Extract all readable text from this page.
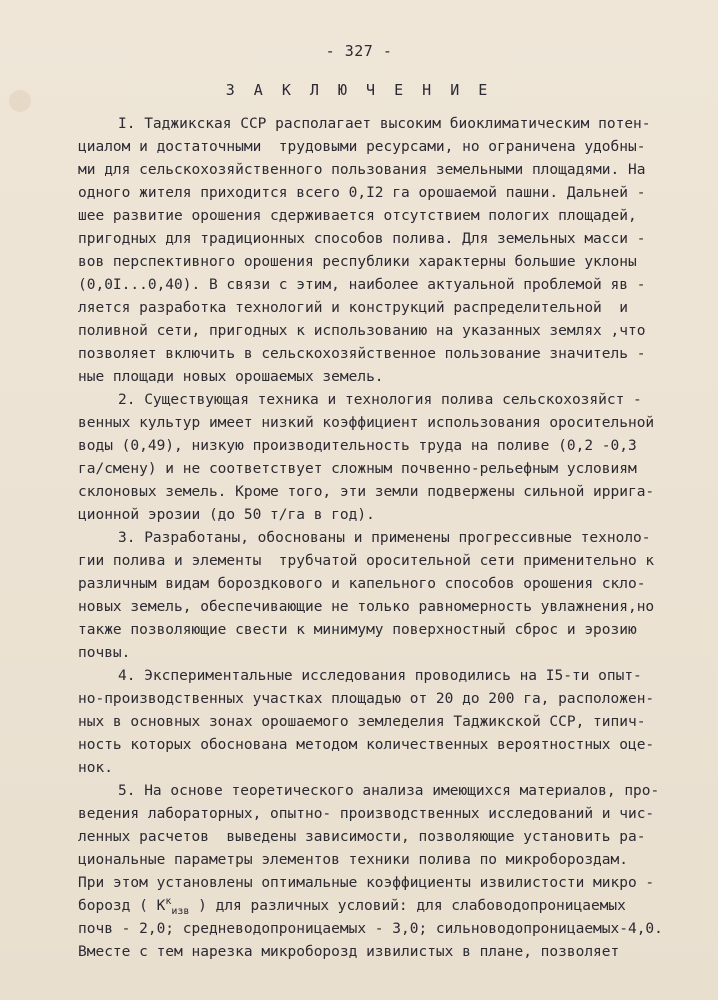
- 327 -
З А К Л Ю Ч Е Н И Е
I. Таджикская ССР располагает высоким биоклиматическим потен-
циалом и достаточными  трудовыми ресурсами, но ограничена удобны-
ми для сельскохозяйственного пользования земельными площадями. На
одного жителя приходится всего 0,I2 га орошаемой пашни. Дальней -
шее развитие орошения сдерживается отсутствием пологих площадей,
пригодных для традиционных способов полива. Для земельных масси -
вов перспективного орошения республики характерны большие уклоны
(0,0I...0,40). В связи с этим, наиболее актуальной проблемой яв -
ляется разработка технологий и конструкций распределительной  и
поливной сети, пригодных к использованию на указанных землях ,что
позволяет включить в сельскохозяйственное пользование значитель -
ные площади новых орошаемых земель.
2. Существующая техника и технология полива сельскохозяйст -
венных культур имеет низкий коэффициент использования оросительной
воды (0,49), низкую производительность труда на поливе (0,2 -0,3
га/смену) и не соответствует сложным почвенно-рельефным условиям
склоновых земель. Кроме того, эти земли подвержены сильной ирригa-
ционной эрозии (до 50 т/га в год).
3. Разработаны, обоснованы и применены прогрессивные техноло-
гии полива и элементы  трубчатой оросительной сети применительно к
различным видам бороздкового и капельного способов орошения скло-
новых земель, обеспечивающие не только равномерность увлажнения,но
также позволяющие свести к минимуму поверхностный сброс и эрозию
почвы.
4. Экспериментальные исследования проводились на I5-ти опыт-
но-производственных участках площадью от 20 до 200 га, расположен-
ных в основных зонах орошаемого земледелия Таджикской ССР, типич-
ность которых обоснована методом количественных вероятностных оце-
нок.
5. На основе теоретического анализа имеющихся материалов, про-
ведения лабораторных, опытно- производственных исследований и чис-
ленных расчетов  выведены зависимости, позволяющие установить ра-
циональные параметры элементов техники полива по микробороздам.
При этом установлены оптимальные коэффициенты извилистости микро -
борозд ( $К^к_{изв}$ ) для различных условий: для слабоводопроницаемых
почв - 2,0; средневодопроницаемых - 3,0; сильноводопроницаемых-4,0.
Вместе с тем нарезка микроборозд извилистых в плане, позволяет
